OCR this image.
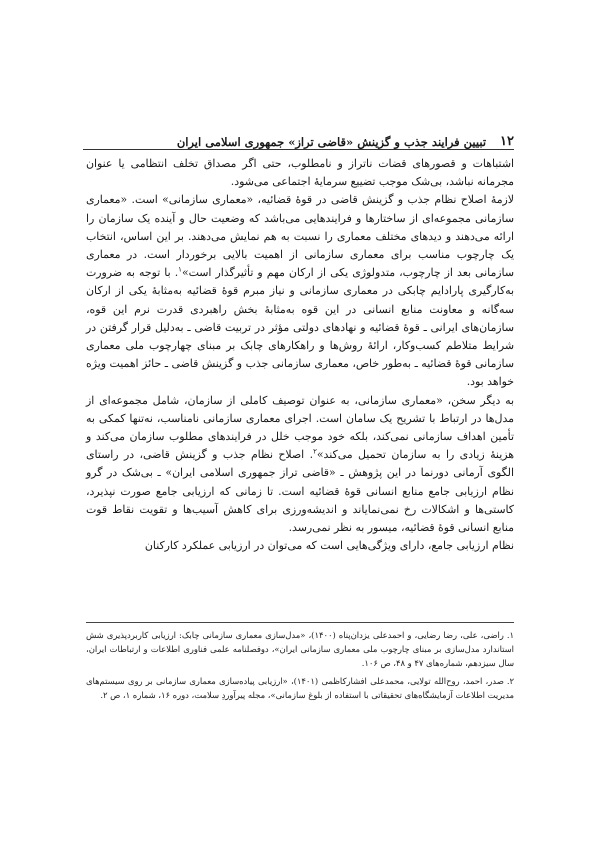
۱۲
تبیین فرایند جذب و گزینش «قاضی تراز» جمهوری اسلامی ایران

اشتباهات و قصورهای قضات ناتراز و نامطلوب، حتی اگر مصداق تخلف انتظامی یا عنوان مجرمانه نباشد، بی‌شک موجب تضییع سرمایهٔ اجتماعی می‌شود.

لازمهٔ اصلاح نظام جذب و گزینش قاضی در قوهٔ قضائیه، «معماری سازمانی» است. «معماری سازمانی مجموعه‌ای از ساختارها و فرایندهایی می‌باشد که وضعیت حال و آینده یک سازمان را ارائه می‌دهند و دیدهای مختلف معماری را نسبت به هم نمایش می‌دهند. بر این اساس، انتخاب یک چارچوب مناسب برای معماری سازمانی از اهمیت بالایی برخوردار است. در معماری سازمانی بعد از چارچوب، متدولوژی یکی از ارکان مهم و تأثیرگذار است»$^۱$. با توجه به ضرورت به‌کارگیری پارادایم چابکی در معماری سازمانی و نیاز مبرم قوهٔ قضائیه به‌مثابهٔ یکی از ارکان سه‌گانه و معاونت منابع انسانی در این قوه به‌مثابهٔ بخش راهبردی قدرت نرم این قوه، سازمان‌های ایرانی ـ قوهٔ قضائیه و نهادهای دولتی مؤثر در تربیت قاضی ـ به‌دلیل قرار گرفتن در شرایط متلاطم کسب‌وکار، ارائهٔ روش‌ها و راهکارهای چابک بر مبنای چهارچوب ملی معماری سازمانی قوهٔ قضائیه ـ به‌طور خاص، معماری سازمانی جذب و گزینش قاضی ـ حائز اهمیت ویژه خواهد بود.

به دیگر سخن، «معماری سازمانی، به عنوان توصیف کاملی از سازمان، شامل مجموعه‌ای از مدل‌ها در ارتباط با تشریح یک سامان است. اجرای معماری سازمانی نامناسب، نه‌تنها کمکی به تأمین اهداف سازمانی نمی‌کند، بلکه خود موجب خلل در فرایندهای مطلوب سازمان می‌کند و هزینهٔ زیادی را به سازمان تحمیل می‌کند»$^۲$. اصلاح نظام جذب و گزینش قاضی، در راستای الگوی آرمانی دورنما در این پژوهش ـ «قاضی تراز جمهوری اسلامی ایران» ـ بی‌شک در گرو نظام ارزیابی جامع منابع انسانی قوهٔ قضائیه است. تا زمانی که ارزیابی جامع صورت نپذیرد، کاستی‌ها و اشکالات رخ نمی‌نمایاند و اندیشه‌ورزی برای کاهش آسیب‌ها و تقویت نقاط قوت منابع انسانی قوهٔ قضائیه، میسور به نظر نمی‌رسد.

نظام ارزیابی جامع، دارای ویژگی‌هایی است که می‌توان در ارزیابی عملکرد کارکنان

۱.راضی، علی، رضا رضایی، و احمدعلی یزدان‌پناه (۱۴۰۰)، «مدل‌سازی معماری سازمانی چابک: ارزیابی کاربردپذیری شش استاندارد مدل‌سازی بر مبنای چارچوب ملی معماری سازمانی ایران»، دوفصلنامه علمی فناوری اطلاعات و ارتباطات ایران، سال سیزدهم، شماره‌های ۴۷ و ۴۸، ص ۱۰۶.

۲.صدر، احمد، روح‌الله تولایی، محمدعلی افشارکاظمی (۱۴۰۱)، «ارزیابی پیاده‌سازی معماری سازمانی بر روی سیستم‌های مدیریت اطلاعات آزمایشگاه‌های تحقیقاتی با استفاده از بلوغ سازمانی»، مجله پیرآوردِ سلامت، دوره ۱۶، شماره ۱، ص ۲.
